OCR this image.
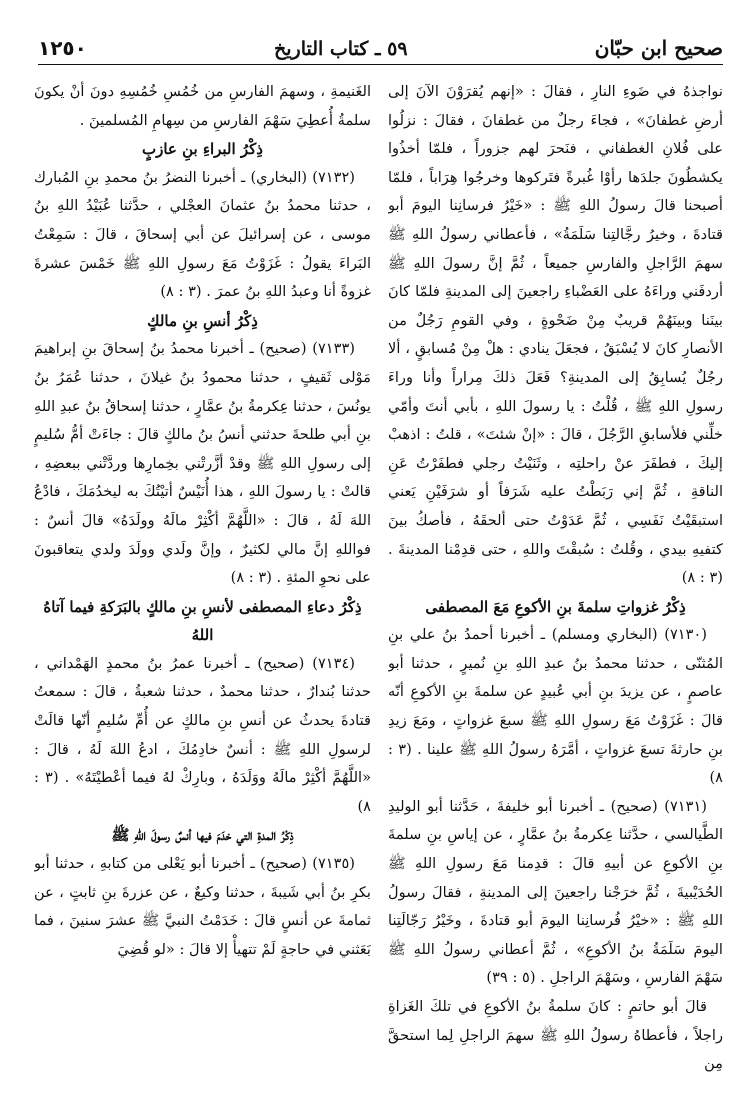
صحيح ابن حبّان
٥٩ ـ كتاب التاريخ
١٢٥٠

نواجذهُ في ضَوءِ النارِ ، فقالَ : «إنهم يُقرَوْنَ الآنَ إلى أرضِ غطفانَ» ، فجاءَ رجلٌ من غطفانَ ، فقالَ : نزلُوا على فُلانِ الغطفاني ، فنَحرَ لهم جزوراً ، فلمّا أخذُوا يكشطُونَ جلدَها رأوْا غُبرةً فتَركوها وخرجُوا هِرَاباً ، فلمّا أصبحنا قالَ رسولُ اللهِ ﷺ : «خَيْرُ فرسانِنا اليومَ أبو قتادةَ ، وخيرُ رجَّالتِنا سَلَمَةُ» ، فأعطاني رسولُ اللهِ ﷺ سهمَ الرَّاجلِ والفارسِ جميعاً ، ثُمَّ إنَّ رسولَ اللهِ ﷺ أردفَني وراءَهُ على العَضْباءِ راجعينَ إلى المدينةِ فلمّا كانَ بينَنا وبينَهُمْ قريبٌ مِنْ ضَحْوةٍ ، وفي القومِ رَجُلٌ من الأنصارِ كانَ لا يُسْبَقُ ، فجعَلَ ينادي : هلْ مِنْ مُسابقٍ ، ألا رجُلٌ يُسابِقُ إلى المدينةِ؟ فَعَلَ ذلكَ مِراراً وأنا وراءَ رسولِ اللهِ ﷺ ، قُلْتُ : يا رسولَ اللهِ ، بأبي أنتَ وأمّي خلِّني فلأسابقِ الرَّجُلَ ، قالَ : «إنْ شئتَ» ، قلتُ : اذهبْ إليكَ ، فطفَرَ عنْ راحلتِه ، وثَنَيْتُ رجلي فطفَرْتُ عَنِ الناقةِ ، ثُمَّ إني رَبَطْتُ عليه شَرَفاً أو شرَفَيْنِ يَعني استبقَيْتُ نَفَسِي ، ثُمَّ عَدَوْتُ حتى ألحقَهُ ، فأصكُ بينَ كتفيهِ بيدي ، وقُلتُ : سُبقْتَ واللهِ ، حتى قدِمْنا المدينةَ . (٣ : ٨)

ذِكْرُ غزواتِ سلمةَ بنِ الأكوعِ مَعَ المصطفى

(٧١٣٠) (البخاري ومسلم) ـ أخبرنا أحمدُ بنُ علي بنِ المُثنّى ، حدثنا محمدُ بنُ عبدِ اللهِ بنِ نُميرٍ ، حدثنا أبو عاصمٍ ، عن يزيدَ بنِ أبي عُبيدٍ عن سلمةَ بنِ الأكوعِ أنّه قالَ : غَزَوْتُ مَعَ رسولِ اللهِ ﷺ سبعَ غزواتٍ ، ومَعَ زيدِ بنِ حارثةَ تسعَ غزواتٍ ، أمَّرَهُ رسولُ اللهِ ﷺ علينا . (٣ : ٨)

(٧١٣١) (صحيح) ـ أخبرنا أبو خليفةَ ، حَدَّثنا أبو الوليدِ الطَّيالسي ، حدَّثنا عِكرمةُ بنُ عمَّارٍ ، عن إياسِ بنِ سلمةَ بنِ الأكوعِ عن أبيهِ قالَ : قدِمنا مَعَ رسولِ اللهِ ﷺ الحُدَيْبيةَ ، ثُمَّ خرَجْنا راجعينَ إلى المدينةِ ، فقالَ رسولُ اللهِ ﷺ : «خيْرُ فُرسانِنا اليومَ أبو قتادةَ ، وخَيْرُ رَجّالَتِنا اليومَ سَلَمَةُ بنُ الأكوعِ» ، ثُمَّ أعطاني رسولُ اللهِ ﷺ سَهْمَ الفارسِ ، وسَهْمَ الراجلِ . (٥ : ٣٩)

قالَ أبو حاتمٍ : كانَ سلمةُ بنُ الأكوعِ في تلكَ الغَزاةِ راجلاً ، فأعطاهُ رسولُ اللهِ ﷺ سهمَ الراجلِ لِما استحقَّ مِن

الغَنيمةِ ، وسهمَ الفارسِ من خُمُسِ خُمُسِهِ دونَ أنْ يكونَ سلمةُ أُعطِيَ سَهْمَ الفارسِ من سِهامِ المُسلمينَ .

ذِكْرُ البراءِ بنِ عازبٍ

(٧١٣٢) (البخاري) ـ أخبرنا النضرُ بنُ محمدِ بنِ المُبارك ، حدثنا محمدُ بنُ عثمانَ العجْلي ، حدَّثنا عُبَيْدُ اللهِ بنُ موسى ، عن إسرائيلَ عن أبي إسحاقَ ، قالَ : سَمِعْتُ البَراءَ يقولُ : غَزَوْتُ مَعَ رسولِ اللهِ ﷺ خَمْسَ عشرةَ غزوةً أنا وعبدُ اللهِ بنُ عمرَ . (٣ : ٨)

ذِكْرُ أنسِ بنِ مالكٍ

(٧١٣٣) (صحيح) ـ أخبرنا محمدُ بنُ إسحاقَ بنِ إبراهيمَ مَوْلى ثَقيفٍ ، حدثنا محمودُ بنُ غيلانَ ، حدثنا عُمَرُ بنُ يونُسَ ، حدثنا عِكرمةُ بنُ عمَّارٍ ، حدثنا إسحاقُ بنُ عبدِ اللهِ بنِ أبي طلحةَ حدثني أنسُ بنُ مالكٍ قالَ : جاءَتْ أمُّ سُليمٍ إلى رسولِ اللهِ ﷺ وقدْ أزَّرتْني بخِمارِها وردَّتْني ببعضِهِ ، قالتْ : يا رسولَ اللهِ ، هذا أُنَيْسٌ أتيْتُكَ به ليخدُمَكَ ، فادْعُ اللهَ لَهُ ، قالَ : «اللَّهُمَّ أكْثِرْ مالَهُ وولَدَهُ» قالَ أنسٌ : فواللهِ إنَّ مالي لكثيرٌ ، وإنَّ ولَدي وولَدَ ولدي يتعاقبونَ على نحوِ المئةِ . (٣ : ٨)

ذِكْرُ دعاءِ المصطفى لأنسِ بنِ مالكٍ بالبَرَكةِ فيما آتاهُ اللهُ

(٧١٣٤) (صحيح) ـ أخبرنا عمرُ بنُ محمدٍ الهَمْداني ، حدثنا بُندارٌ ، حدثنا محمدٌ ، حدثنا شعبةُ ، قالَ : سمعتُ قتادةَ يحدثُ عن أنسِ بنِ مالكٍ عن أُمِّ سُليمٍ أنّها قالَتْ لرسولِ اللهِ ﷺ : أنسٌ خادِمُكَ ، ادعُ اللهَ لَهُ ، قالَ : «اللَّهُمَّ أكْثِرْ مالَهُ ووَلَدَهُ ، وبارِكْ لهُ فيما أعْطيْتَهُ» . (٣ : ٨)

ذِكْرُ المدةِ التي خدَمَ فيها أنسٌ رسولَ اللهِ ﷺ

(٧١٣٥) (صحيح) ـ أخبرنا أبو يَعْلى من كتابهِ ، حدثنا أبو بكرِ بنُ أبي شَيبةَ ، حدثنا وكيعٌ ، عن عزرةَ بنِ ثابتٍ ، عن ثمامةَ عن أنسٍ قالَ : خَدَمْتُ النبيَّ ﷺ عشرَ سنينَ ، فما بَعَثني في حاجةٍ لَمْ تتهيأْ إلا قالَ : «لو قُضِيَ
